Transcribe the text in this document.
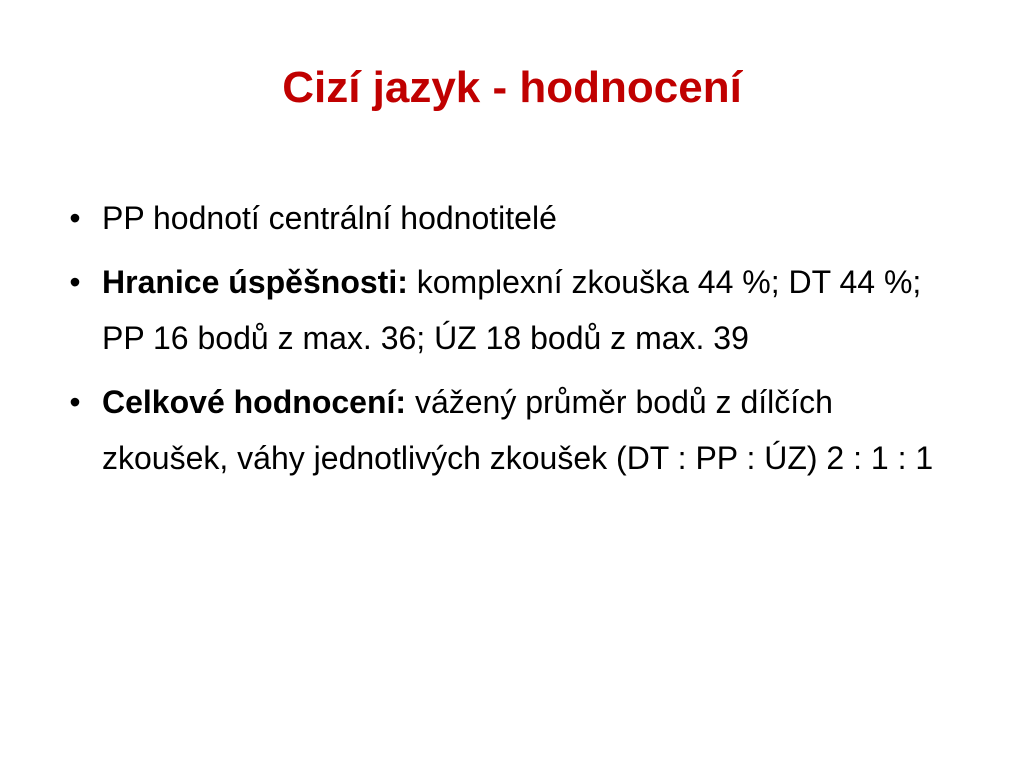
Cizí jazyk - hodnocení
• PP hodnotí centrální hodnotitelé
• Hranice úspěšnosti: komplexní zkouška 44 %; DT 44 %; PP 16 bodů z max. 36; ÚZ 18 bodů z max. 39
• Celkové hodnocení: vážený průměr bodů z dílčích zkoušek, váhy jednotlivých zkoušek (DT : PP : ÚZ) 2 : 1 : 1
